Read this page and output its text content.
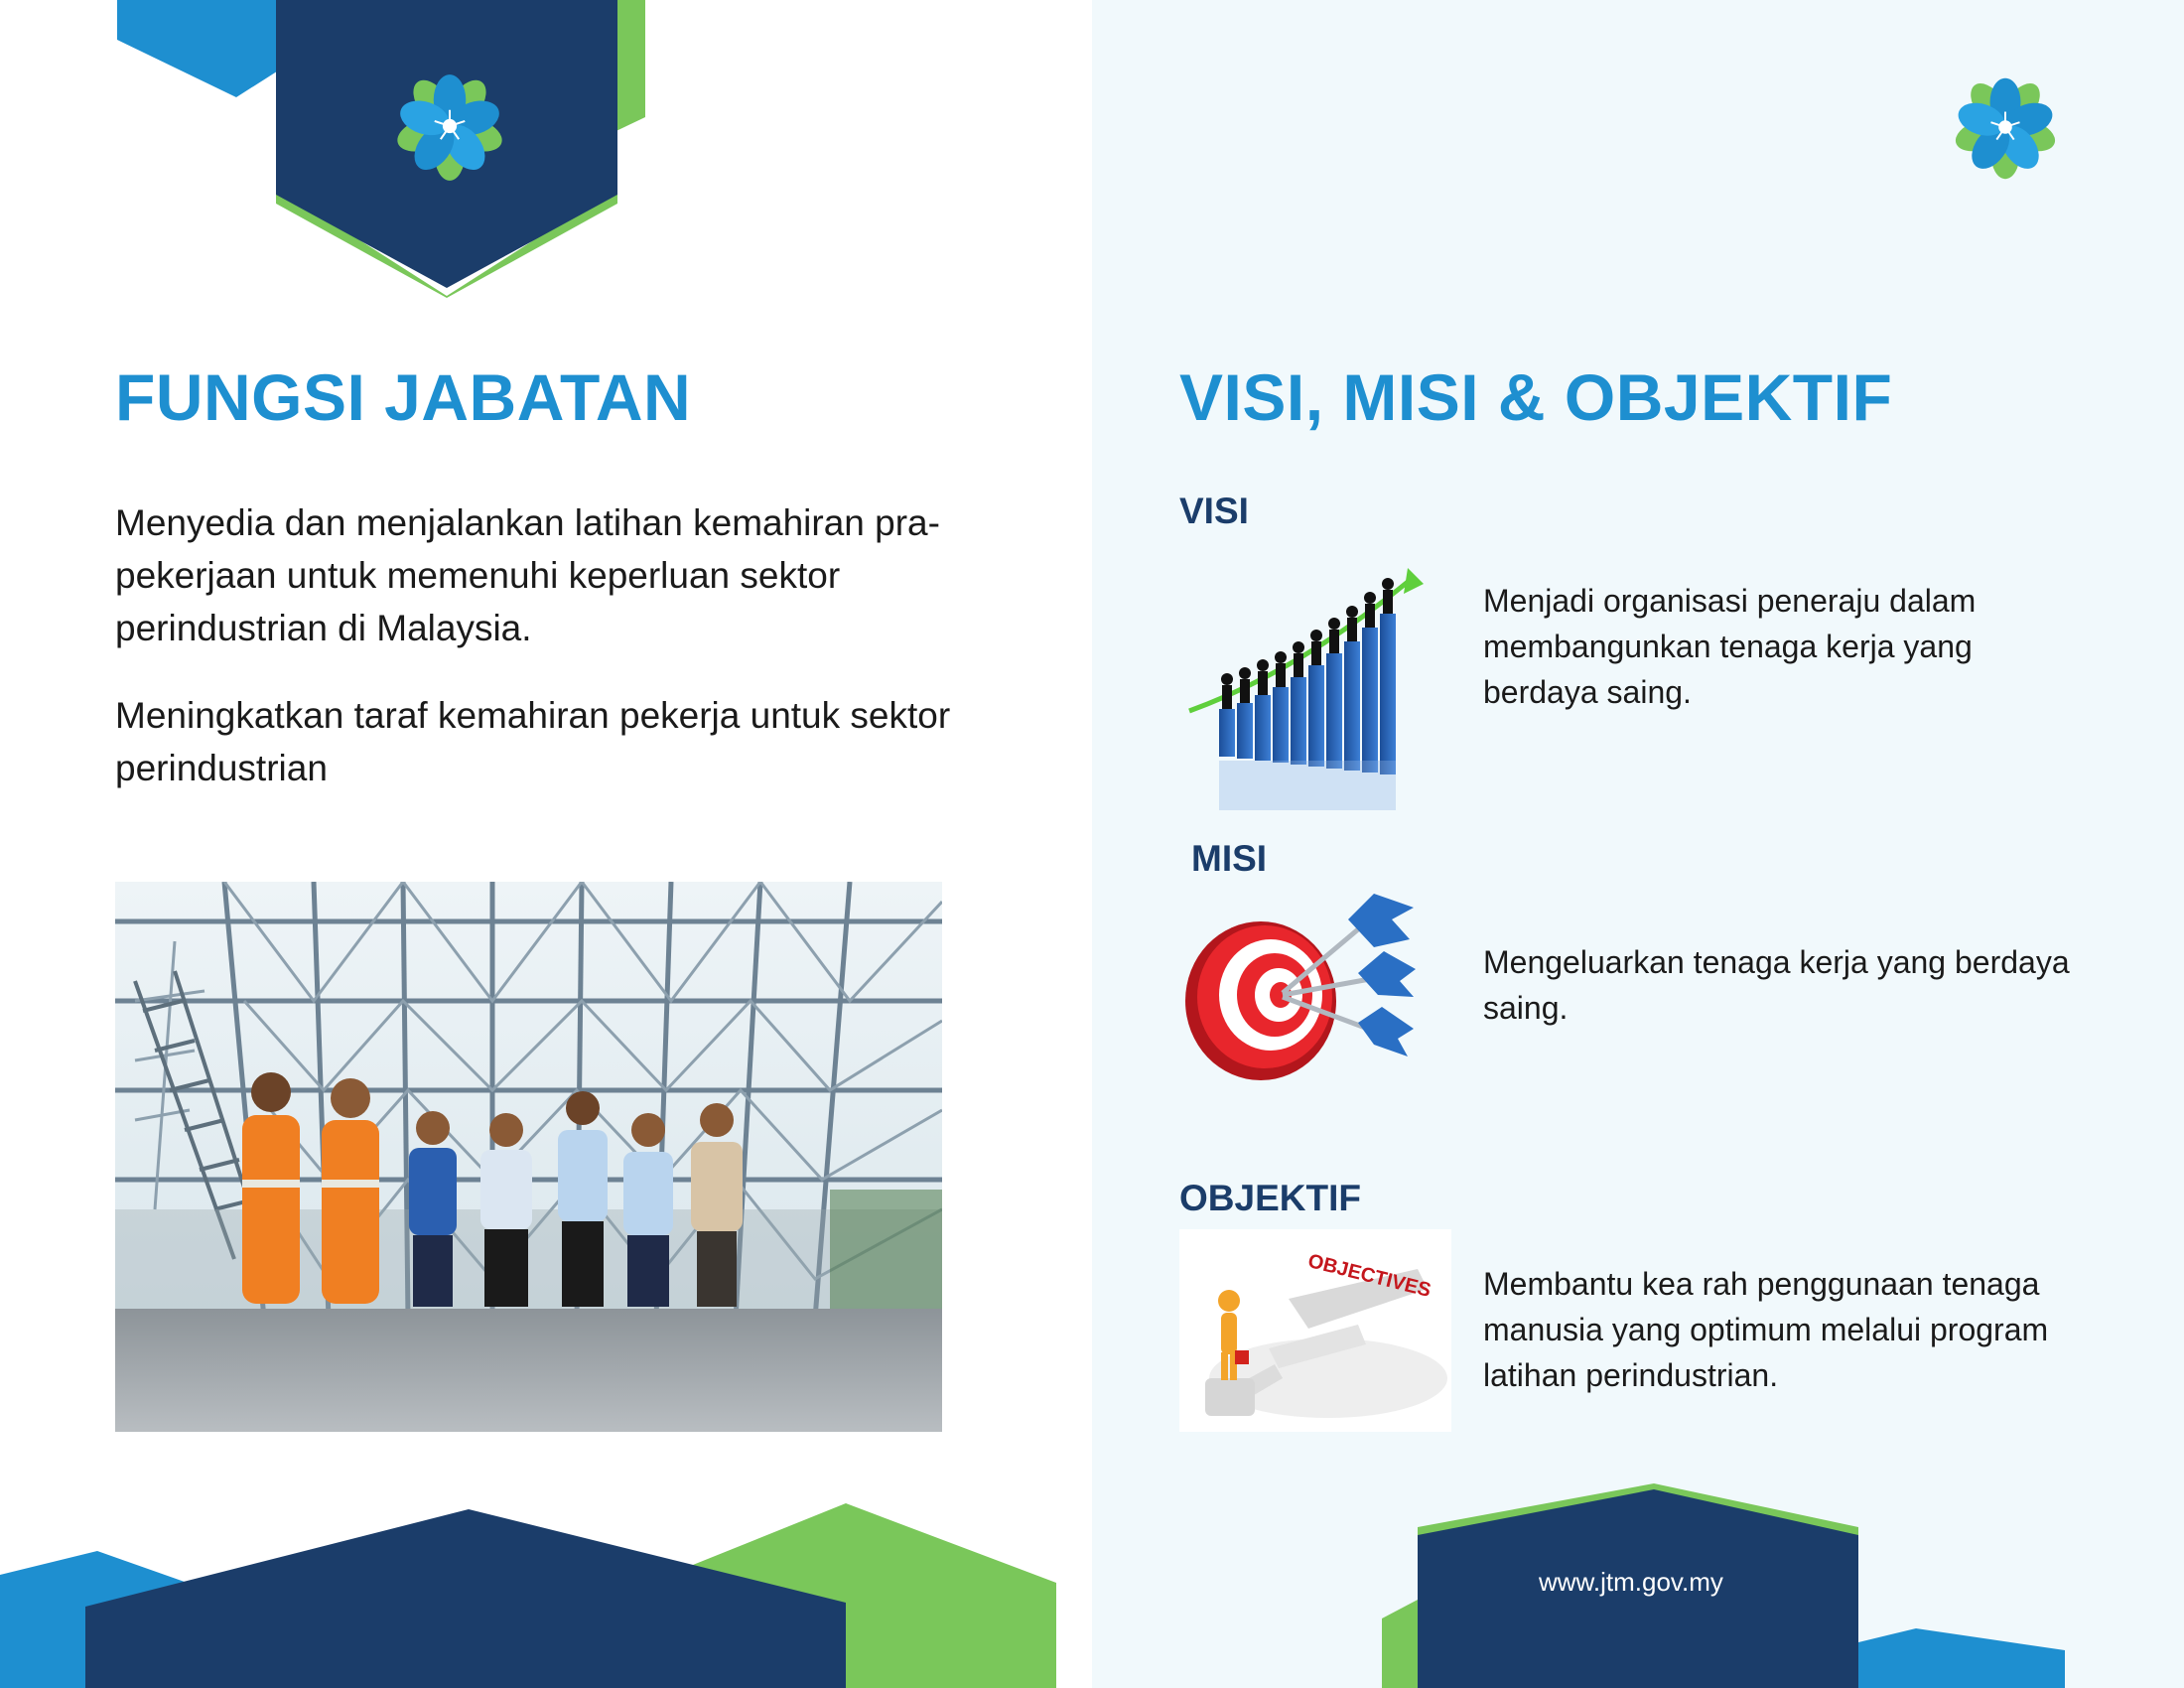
FUNGSI JABATAN

Menyedia dan menjalankan latihan kemahiran pra-pekerjaan untuk memenuhi keperluan sektor perindustrian di Malaysia.

Meningkatkan taraf kemahiran pekerja untuk sektor perindustrian

VISI, MISI & OBJEKTIF

VISI

Menjadi organisasi peneraju dalam membangunkan tenaga kerja yang berdaya saing.

MISI

Mengeluarkan tenaga kerja yang berdaya saing.

OBJEKTIF

OBJECTIVES Membantu kea rah penggunaan tenaga manusia yang optimum melalui program latihan perindustrian.

www.jtm.gov.my
